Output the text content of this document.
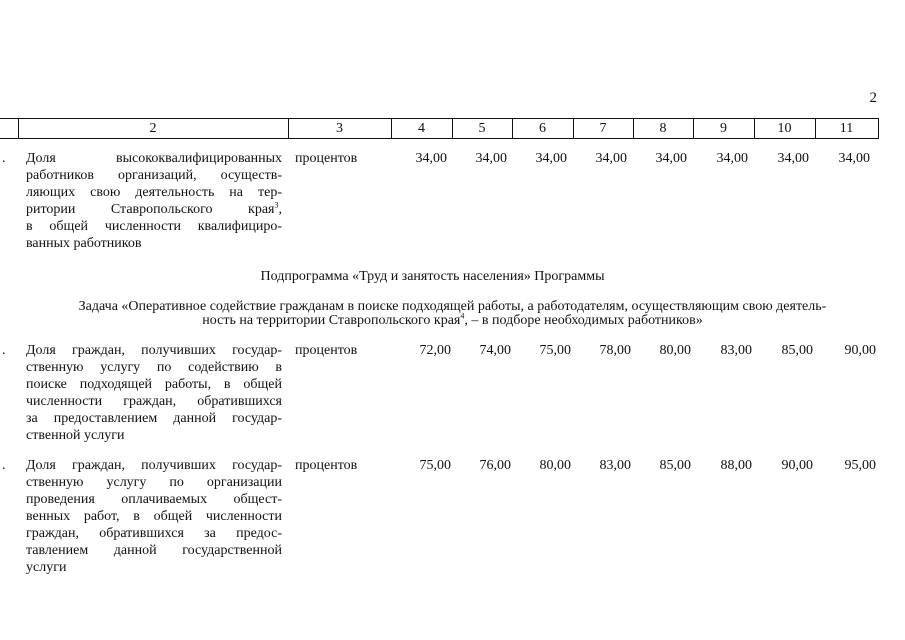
2
2	3	4	5	6	7	8	9	10	11
. Доля высококвалифицированных
работников организаций, осуществ-
ляющих свою деятельность на тер-
ритории Ставропольского края$^3$,
в общей численности квалифициро-
ванных работников
процентов	34,00	34,00	34,00	34,00	34,00	34,00	34,00	34,00
Подпрограмма «Труд и занятость населения» Программы
Задача «Оперативное содействие гражданам в поиске подходящей работы, а работодателям, осуществляющим свою деятель-
ность на территории Ставропольского края$^4$, – в подборе необходимых работников»
. Доля граждан, получивших государ-
ственную услугу по содействию в
поиске подходящей работы, в общей
численности граждан, обратившихся
за предоставлением данной государ-
ственной услуги
процентов	72,00	74,00	75,00	78,00	80,00	83,00	85,00	90,00
. Доля граждан, получивших государ-
ственную услугу по организации
проведения оплачиваемых общест-
венных работ, в общей численности
граждан, обратившихся за предос-
тавлением данной государственной
услуги
процентов	75,00	76,00	80,00	83,00	85,00	88,00	90,00	95,00
